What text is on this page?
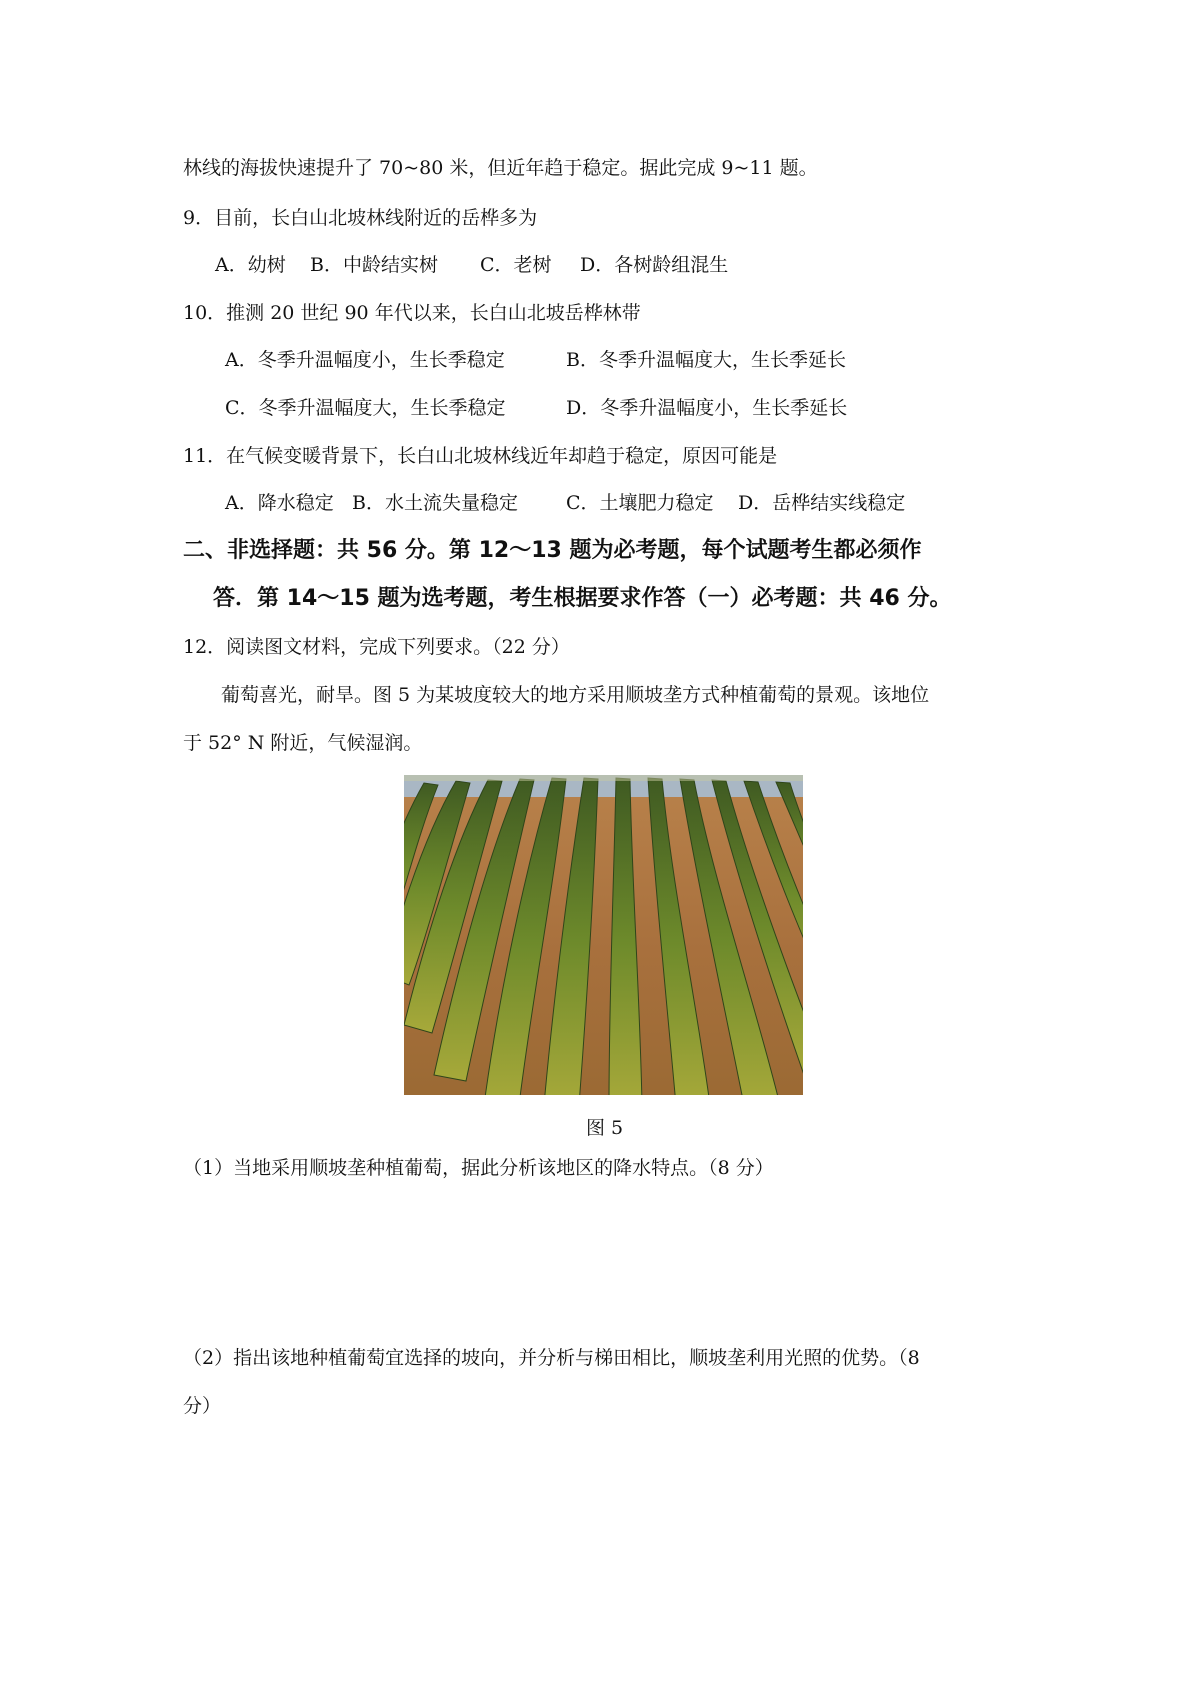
林线的海拔快速提升了 70~80 米，但近年趋于稳定。据此完成 9~11 题。
9．目前，长白山北坡林线附近的岳桦多为
A．幼树 B．中龄结实树 C．老树 D．各树龄组混生
10．推测 20 世纪 90 年代以来，长白山北坡岳桦林带
A．冬季升温幅度小，生长季稳定	B．冬季升温幅度大，生长季延长
C．冬季升温幅度大，生长季稳定	D．冬季升温幅度小，生长季延长
11．在气候变暖背景下，长白山北坡林线近年却趋于稳定，原因可能是
A．降水稳定 B．水土流失量稳定	C．土壤肥力稳定 D．岳桦结实线稳定
二、非选择题：共 56 分。第 12～13 题为必考题，每个试题考生都必须作
答．第 14～15 题为选考题，考生根据要求作答（一）必考题：共 46 分。
12．阅读图文材料，完成下列要求。（22 分）
葡萄喜光，耐旱。图 5 为某坡度较大的地方采用顺坡垄方式种植葡萄的景观。该地位
于 52° N 附近，气候湿润。
图 5
（1）当地采用顺坡垄种植葡萄，据此分析该地区的降水特点。（8 分）
（2）指出该地种植葡萄宜选择的坡向，并分析与梯田相比，顺坡垄利用光照的优势。（8
分）
